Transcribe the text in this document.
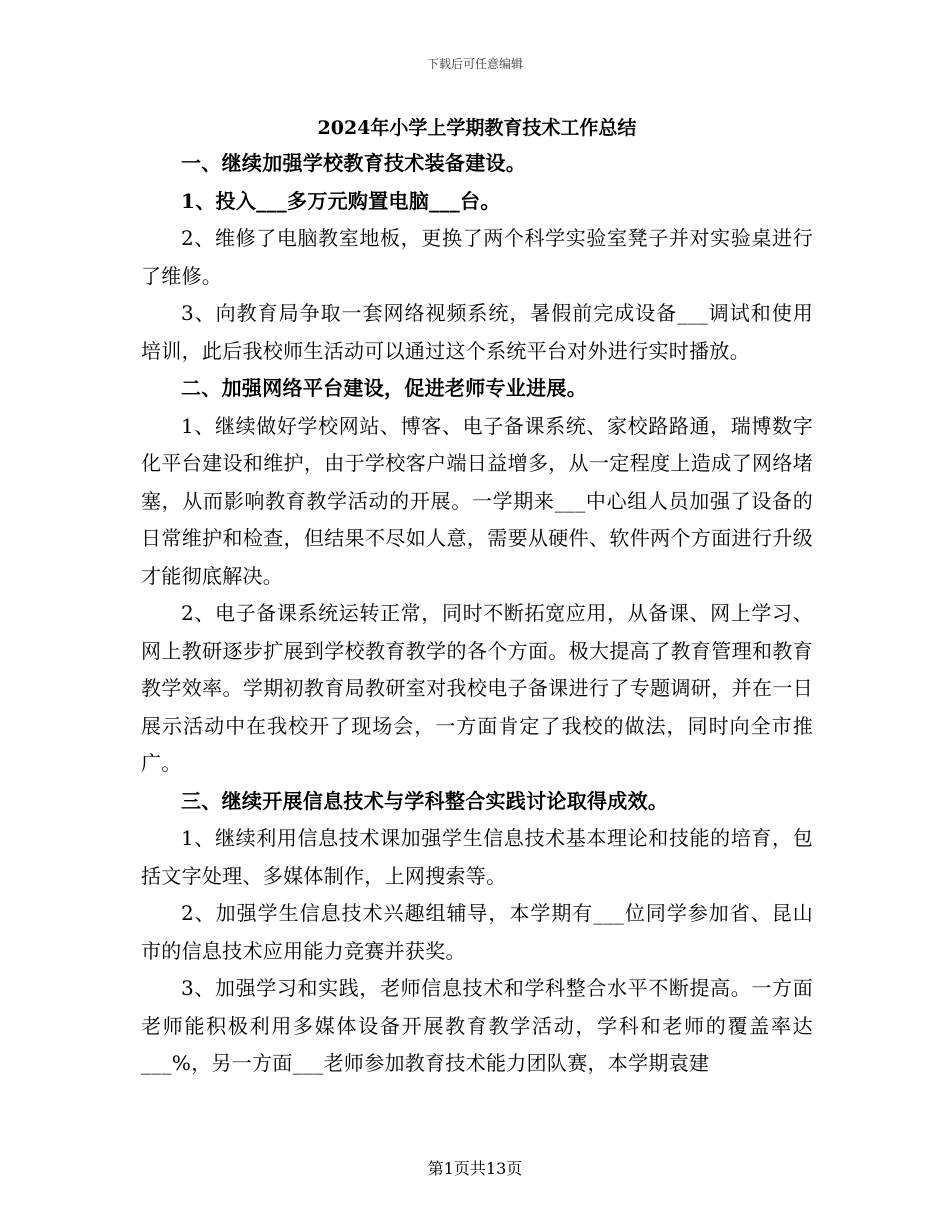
下载后可任意编辑

2024年小学上学期教育技术工作总结

一、继续加强学校教育技术装备建设。

1、投入___多万元购置电脑___台。

2、维修了电脑教室地板，更换了两个科学实验室凳子并对实验桌进行了维修。

3、向教育局争取一套网络视频系统，暑假前完成设备___调试和使用培训，此后我校师生活动可以通过这个系统平台对外进行实时播放。

二、加强网络平台建设，促进老师专业进展。

1、继续做好学校网站、博客、电子备课系统、家校路路通，瑞博数字化平台建设和维护，由于学校客户端日益增多，从一定程度上造成了网络堵塞，从而影响教育教学活动的开展。一学期来___中心组人员加强了设备的日常维护和检查，但结果不尽如人意，需要从硬件、软件两个方面进行升级才能彻底解决。

2、电子备课系统运转正常，同时不断拓宽应用，从备课、网上学习、网上教研逐步扩展到学校教育教学的各个方面。极大提高了教育管理和教育教学效率。学期初教育局教研室对我校电子备课进行了专题调研，并在一日展示活动中在我校开了现场会，一方面肯定了我校的做法，同时向全市推广。

三、继续开展信息技术与学科整合实践讨论取得成效。

1、继续利用信息技术课加强学生信息技术基本理论和技能的培育，包括文字处理、多媒体制作，上网搜索等。

2、加强学生信息技术兴趣组辅导，本学期有___位同学参加省、昆山市的信息技术应用能力竞赛并获奖。

3、加强学习和实践，老师信息技术和学科整合水平不断提高。一方面老师能积极利用多媒体设备开展教育教学活动，学科和老师的覆盖率达___%，另一方面___老师参加教育技术能力团队赛，本学期袁建

第1页共13页
